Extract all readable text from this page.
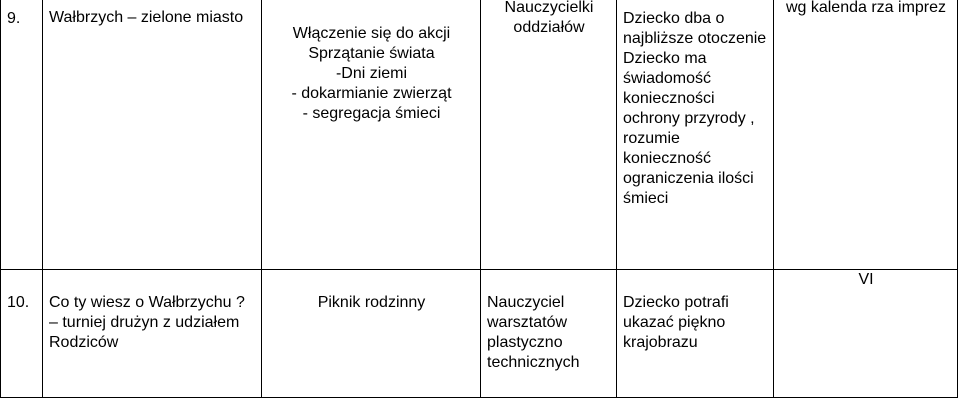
9.	Wałbrzych – zielone miasto	Włączenie się do akcji Sprzątanie świata
-Dni ziemi
- dokarmianie zwierząt
- segregacja śmieci	Nauczycielki oddziałów	Dziecko dba o najbliższe otoczenie
Dziecko ma świadomość konieczności ochrony przyrody , rozumie konieczność ograniczenia ilości śmieci	wg kalenda rza imprez

10.	Co ty wiesz o Wałbrzychu ? – turniej drużyn z udziałem Rodziców	Piknik rodzinny	Nauczyciel warsztatów plastyczno technicznych	Dziecko potrafi ukazać piękno krajobrazu	VI
